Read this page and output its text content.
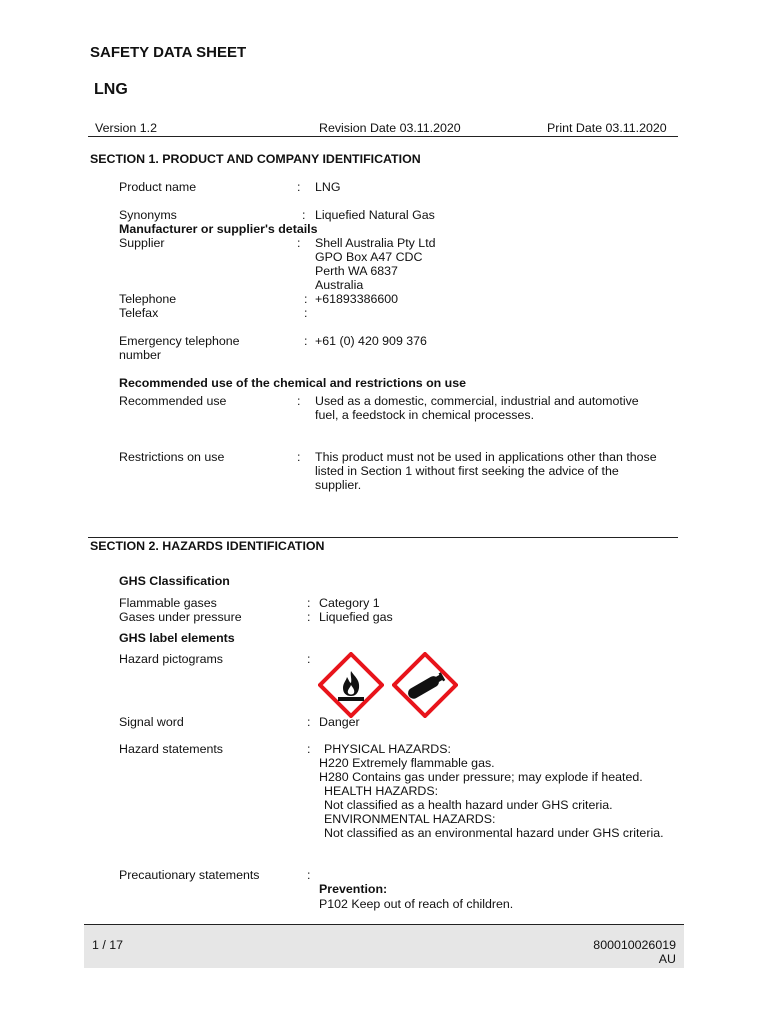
SAFETY DATA SHEET
LNG
Version 1.2	Revision Date 03.11.2020	Print Date 03.11.2020
SECTION 1. PRODUCT AND COMPANY IDENTIFICATION
Product name	: LNG
Synonyms	: Liquefied Natural Gas
Manufacturer or supplier's details
Supplier	: Shell Australia Pty Ltd
GPO Box A47 CDC
Perth WA 6837
Australia
Telephone	: +61893386600
Telefax	:
Emergency telephone
number
: +61 (0) 420 909 376
Recommended use of the chemical and restrictions on use
Recommended use	: Used as a domestic, commercial, industrial and automotive
fuel, a feedstock in chemical processes.
Restrictions on use	: This product must not be used in applications other than those
listed in Section 1 without first seeking the advice of the
supplier.
SECTION 2. HAZARDS IDENTIFICATION
GHS Classification
Flammable gases	: Category 1
Gases under pressure	: Liquefied gas
GHS label elements
Hazard pictograms	:
Signal word	: Danger
Hazard statements	: PHYSICAL HAZARDS:
H220 Extremely flammable gas.
H280 Contains gas under pressure; may explode if heated.
HEALTH HAZARDS:
Not classified as a health hazard under GHS criteria.
ENVIRONMENTAL HAZARDS:
Not classified as an environmental hazard under GHS criteria.
Precautionary statements	:
Prevention:
P102 Keep out of reach of children.
1 / 17	800010026019
AU
